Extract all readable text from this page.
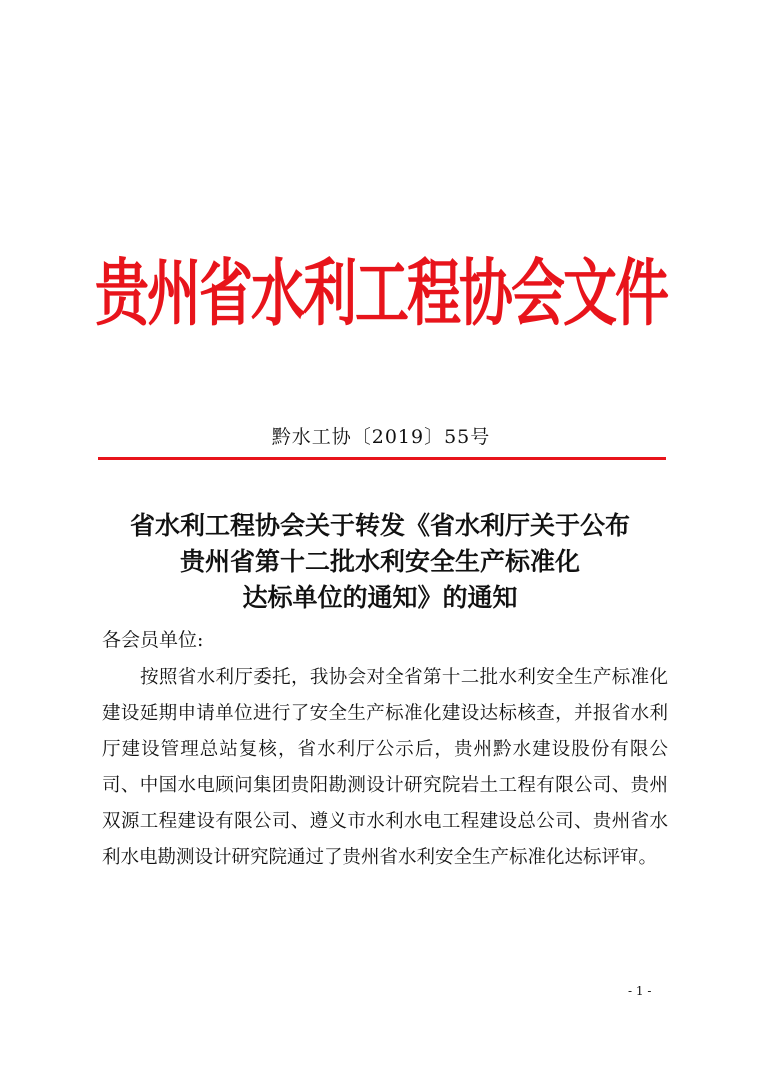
贵州省水利工程协会文件
黔水工协〔2019〕55号
省水利工程协会关于转发《省水利厅关于公布
贵州省第十二批水利安全生产标准化
达标单位的通知》的通知
各会员单位:

按照省水利厅委托，我协会对全省第十二批水利安全生产标准化建设延期申请单位进行了安全生产标准化建设达标核查，并报省水利厅建设管理总站复核，省水利厅公示后，贵州黔水建设股份有限公司、中国水电顾问集团贵阳勘测设计研究院岩土工程有限公司、贵州双源工程建设有限公司、遵义市水利水电工程建设总公司、贵州省水利水电勘测设计研究院通过了贵州省水利安全生产标准化达标评审。

- 1 -
